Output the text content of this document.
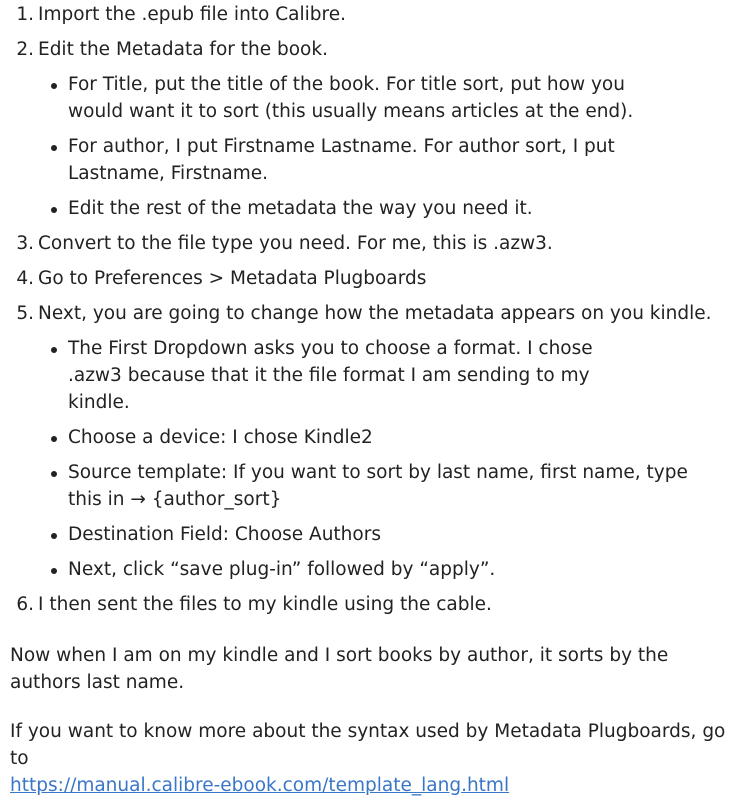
1. Import the .epub file into Calibre.
2. Edit the Metadata for the book.
For Title, put the title of the book. For title sort, put how you would want it to sort (this usually means articles at the end).
For author, I put Firstname Lastname. For author sort, I put Lastname, Firstname.
Edit the rest of the metadata the way you need it.
3. Convert to the file type you need. For me, this is .azw3.
4. Go to Preferences > Metadata Plugboards
5. Next, you are going to change how the metadata appears on you kindle.
The First Dropdown asks you to choose a format. I chose .azw3 because that it the file format I am sending to my kindle.
Choose a device: I chose Kindle2
Source template: If you want to sort by last name, first name, type this in → {author_sort}
Destination Field: Choose Authors
Next, click “save plug-in” followed by “apply”.
6. I then sent the files to my kindle using the cable.

Now when I am on my kindle and I sort books by author, it sorts by the authors last name.

If you want to know more about the syntax used by Metadata Plugboards, go to
https://manual.calibre-ebook.com/template_lang.html
